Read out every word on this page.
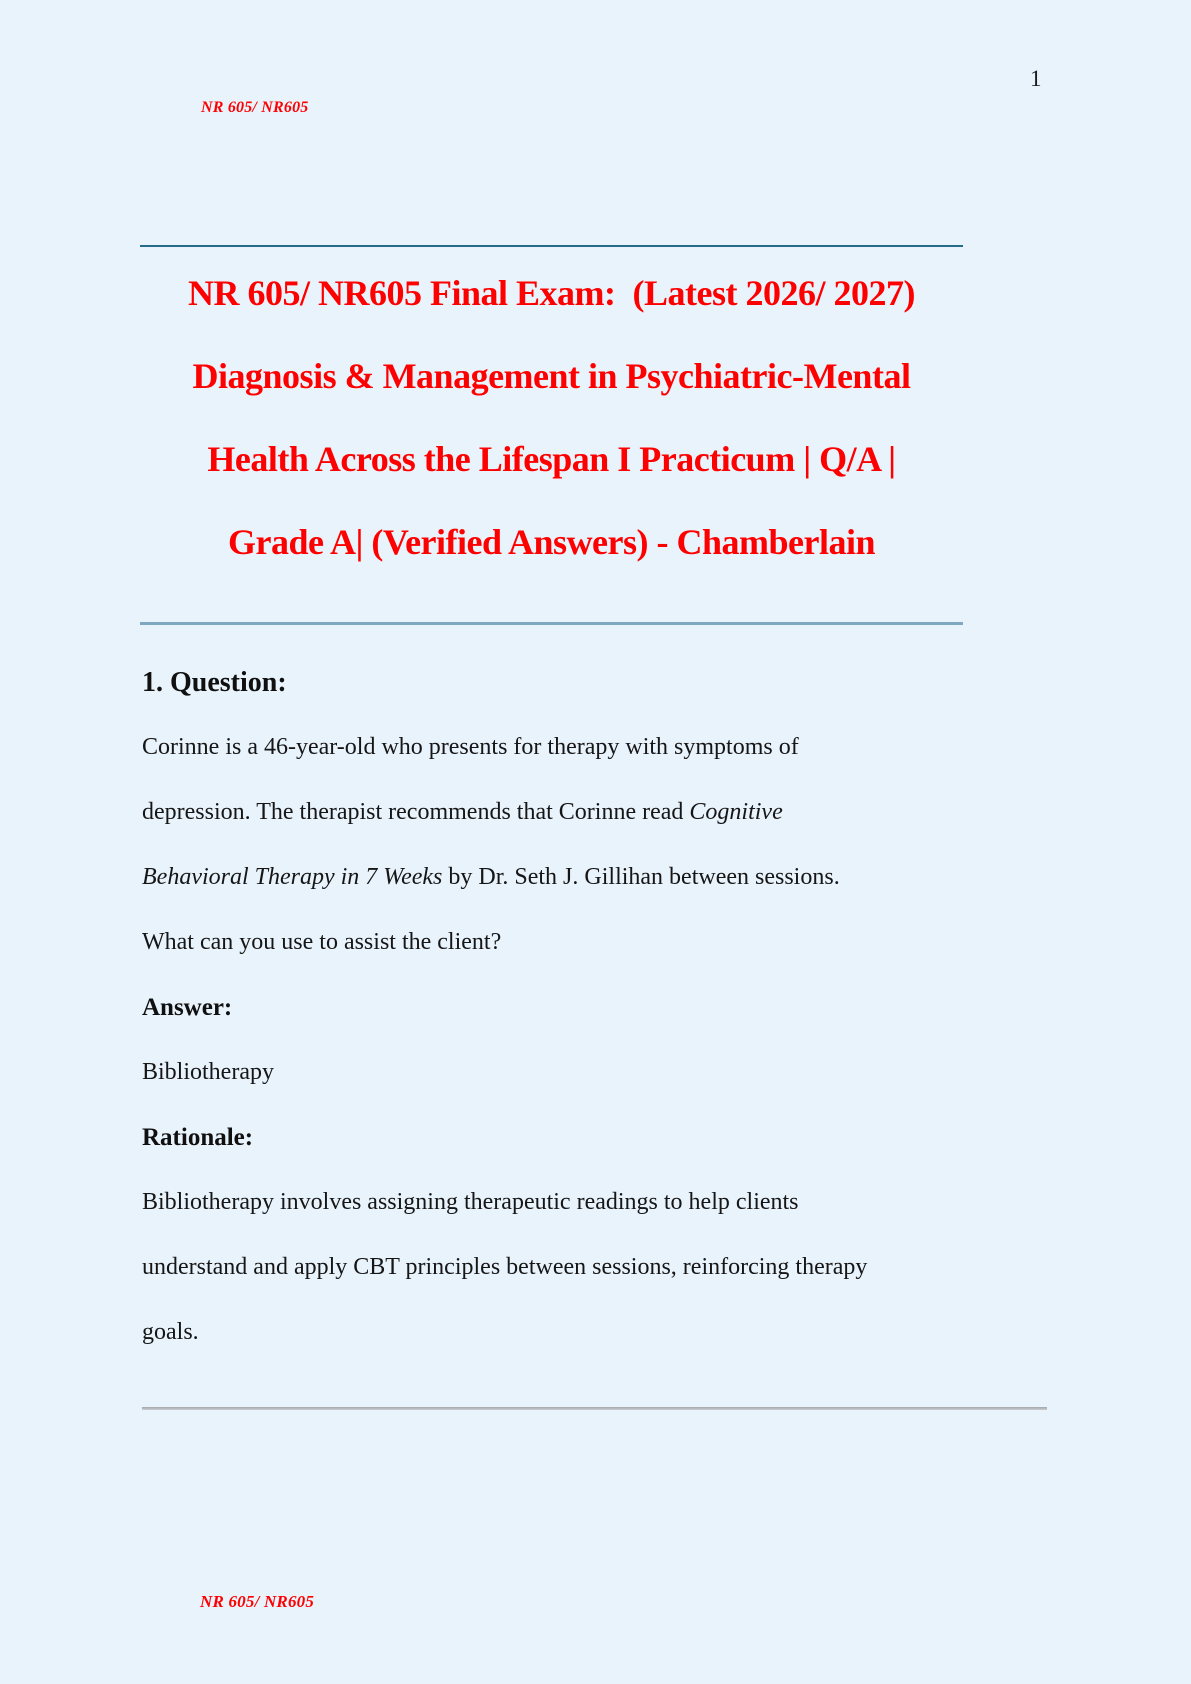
NR 605/ NR605
1
NR 605/ NR605 Final Exam:  (Latest 2026/ 2027)
Diagnosis & Management in Psychiatric-Mental
Health Across the Lifespan I Practicum | Q/A |
Grade A| (Verified Answers) - Chamberlain
1. Question:

Corinne is a 46-year-old who presents for therapy with symptoms of
depression. The therapist recommends that Corinne read Cognitive
Behavioral Therapy in 7 Weeks by Dr. Seth J. Gillihan between sessions.
What can you use to assist the client?

Answer:

Bibliotherapy

Rationale:

Bibliotherapy involves assigning therapeutic readings to help clients
understand and apply CBT principles between sessions, reinforcing therapy
goals.

NR 605/ NR605
